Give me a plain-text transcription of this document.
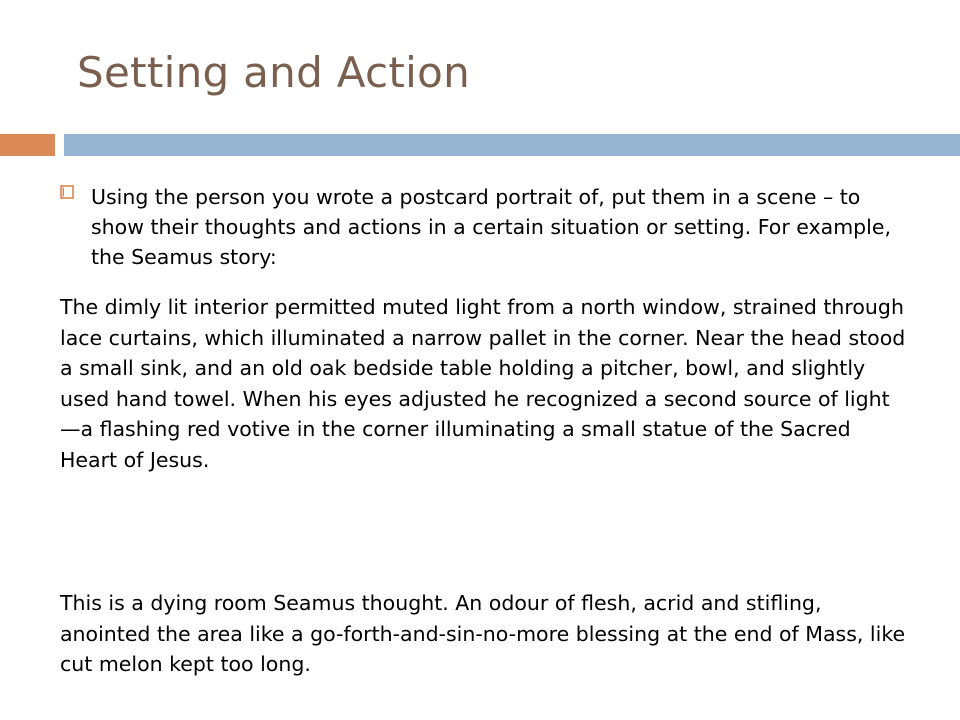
Setting and Action
Using the person you wrote a postcard portrait of, put them in a scene – to show their thoughts and actions in a certain situation or setting. For example, the Seamus story:
The dimly lit interior permitted muted light from a north window, strained through lace curtains, which illuminated a narrow pallet in the corner. Near the head stood a small sink, and an old oak bedside table holding a pitcher, bowl, and slightly used hand towel. When his eyes adjusted he recognized a second source of light—a flashing red votive in the corner illuminating a small statue of the Sacred Heart of Jesus.
This is a dying room Seamus thought. An odour of flesh, acrid and stifling, anointed the area like a go-forth-and-sin-no-more blessing at the end of Mass, like cut melon kept too long.
